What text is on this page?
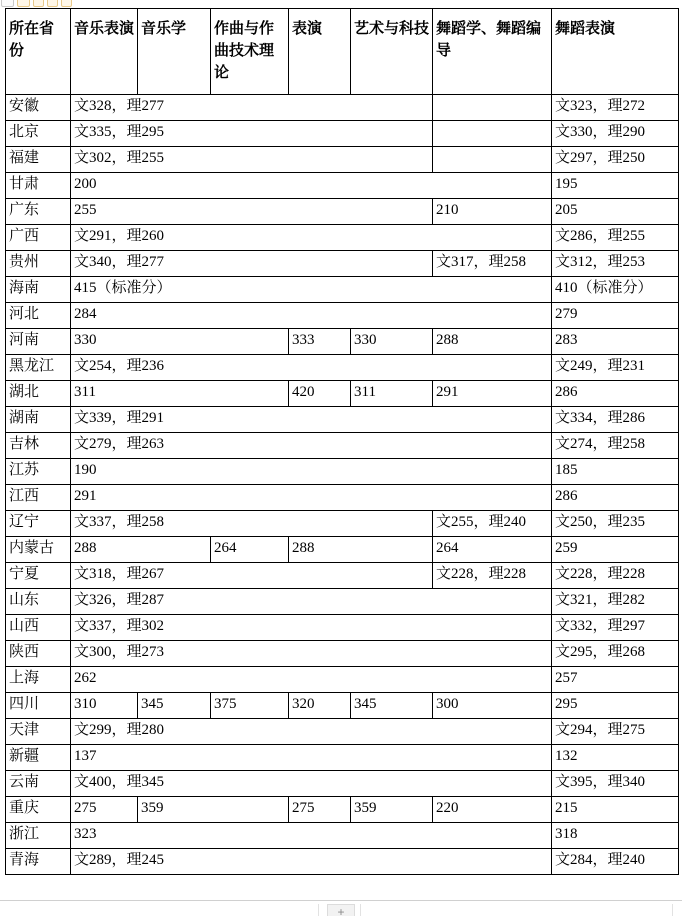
所在省份	音乐表演	音乐学	作曲与作曲技术理论	表演	艺术与科技	舞蹈学、舞蹈编导	舞蹈表演
安徽	文328，理277						文323，理272
北京	文335，理295						文330，理290
福建	文302，理255						文297，理250
甘肃	200						195
广东	255					210	205
广西	文291，理260						文286，理255
贵州	文340，理277					文317，理258	文312，理253
海南	415（标准分）						410（标准分）
河北	284						279
河南	330			333	330	288	283
黑龙江	文254，理236						文249，理231
湖北	311			420	311	291	286
湖南	文339，理291						文334，理286
吉林	文279，理263						文274，理258
江苏	190						185
江西	291						286
辽宁	文337，理258					文255，理240	文250，理235
内蒙古	288		264	288		264	259
宁夏	文318，理267					文228，理228	文228，理228
山东	文326，理287						文321，理282
山西	文337，理302						文332，理297
陕西	文300，理273						文295，理268
上海	262						257
四川	310	345	375	320	345	300	295
天津	文299，理280						文294，理275
新疆	137						132
云南	文400，理345						文395，理340
重庆	275	359		275	359	220	215
浙江	323						318
青海	文289，理245						文284，理240
+
